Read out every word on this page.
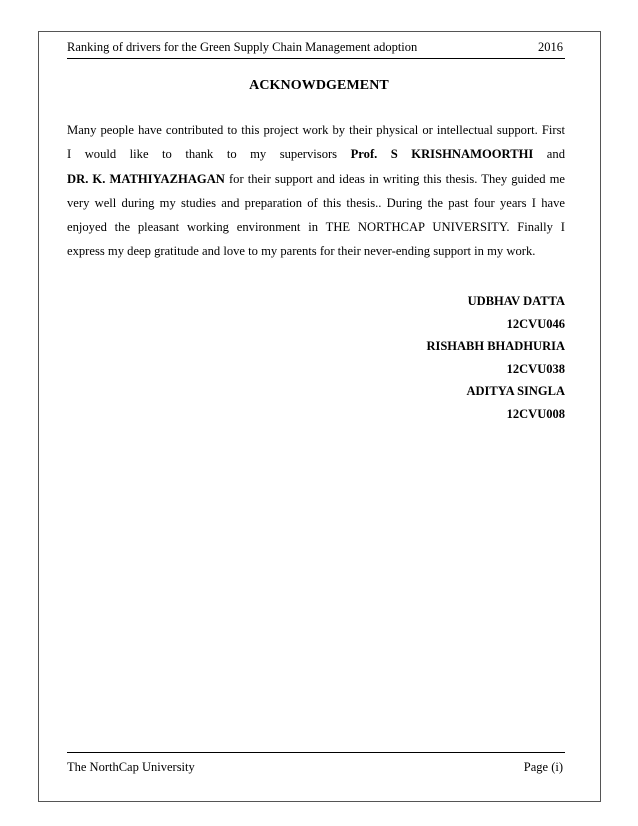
Ranking of drivers for the Green Supply Chain Management adoption	2016
ACKNOWDGEMENT

Many people have contributed to this project work by their physical or intellectual support. First
I would like to thank to my supervisors Prof. S KRISHNAMOORTHI and
DR. K. MATHIYAZHAGAN for their support and ideas in writing this thesis. They guided me
very well during my studies and preparation of this thesis.. During the past four years I have
enjoyed the pleasant working environment in THE NORTHCAP UNIVERSITY. Finally I
express my deep gratitude and love to my parents for their never-ending support in my work.

UDBHAV DATTA
12CVU046
RISHABH BHADHURIA
12CVU038
ADITYA SINGLA
12CVU008
The NorthCap University	Page (i)
